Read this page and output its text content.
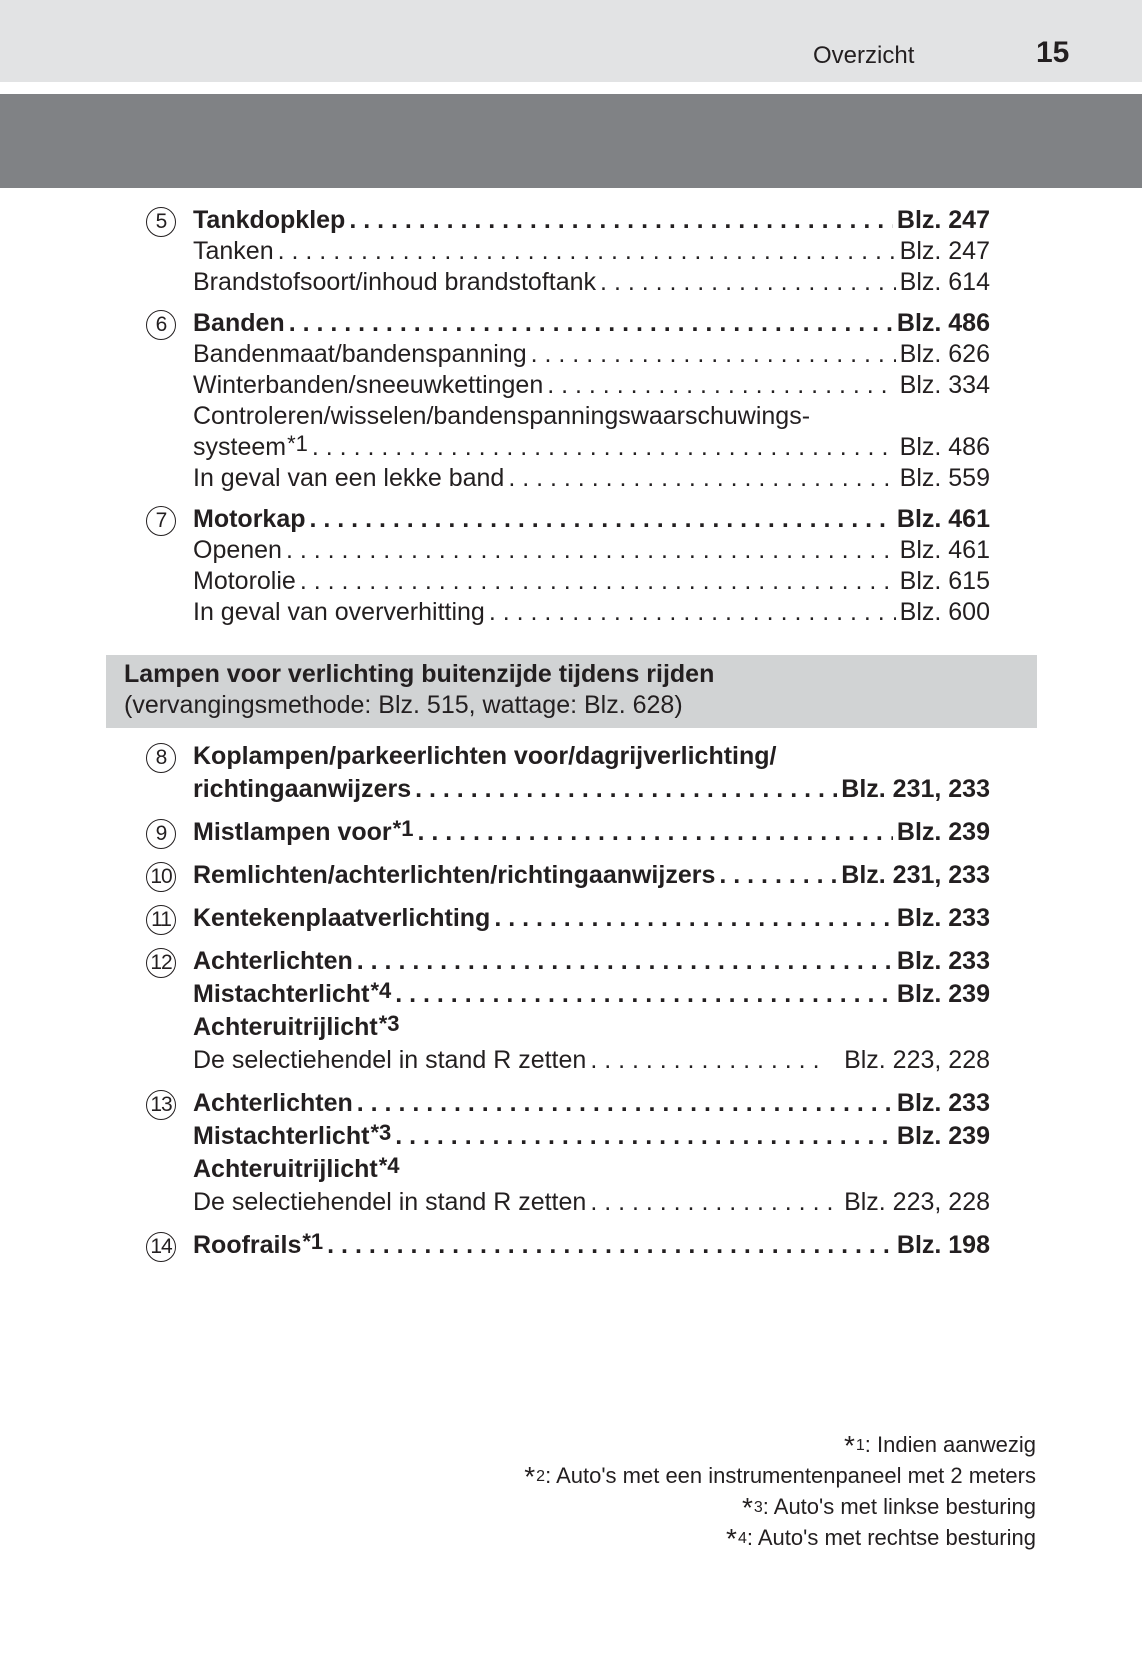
Overzicht	15
5	Tankdopklep . . .	Blz. 247
Tanken . . .	Blz. 247
Brandstofsoort/inhoud brandstoftank . . .	Blz. 614
6	Banden . . .	Blz. 486
Bandenmaat/bandenspanning . . .	Blz. 626
Winterbanden/sneeuwkettingen . . .	Blz. 334
Controleren/wisselen/bandenspanningswaarschuwings-
systeem$^{*1}$ . . .	Blz. 486
In geval van een lekke band . . .	Blz. 559
7	Motorkap . . .	Blz. 461
Openen . . .	Blz. 461
Motorolie . . .	Blz. 615
In geval van oververhitting . . .	Blz. 600
Lampen voor verlichting buitenzijde tijdens rijden
(vervangingsmethode: Blz. 515, wattage: Blz. 628)
8	Koplampen/parkeerlichten voor/dagrijverlichting/
richtingaanwijzers . . .	Blz. 231, 233
9	Mistlampen voor$^{*1}$ . . .	Blz. 239
10 Remlichten/achterlichten/richtingaanwijzers . . .	Blz. 231, 233
11 Kentekenplaatverlichting . . .	Blz. 233
12 Achterlichten . . .	Blz. 233
Mistachterlicht$^{*4}$ . . .	Blz. 239
Achteruitrijlicht$^{*3}$
De selectiehendel in stand R zetten . . .	Blz. 223, 228
13 Achterlichten . . .	Blz. 233
Mistachterlicht$^{*3}$ . . .	Blz. 239
Achteruitrijlicht$^{*4}$
De selectiehendel in stand R zetten . . .	Blz. 223, 228
14 Roofrails$^{*1}$ . . .	Blz. 198
*$^1$: Indien aanwezig
*$^2$: Auto's met een instrumentenpaneel met 2 meters
*$^3$: Auto's met linkse besturing
*$^4$: Auto's met rechtse besturing
